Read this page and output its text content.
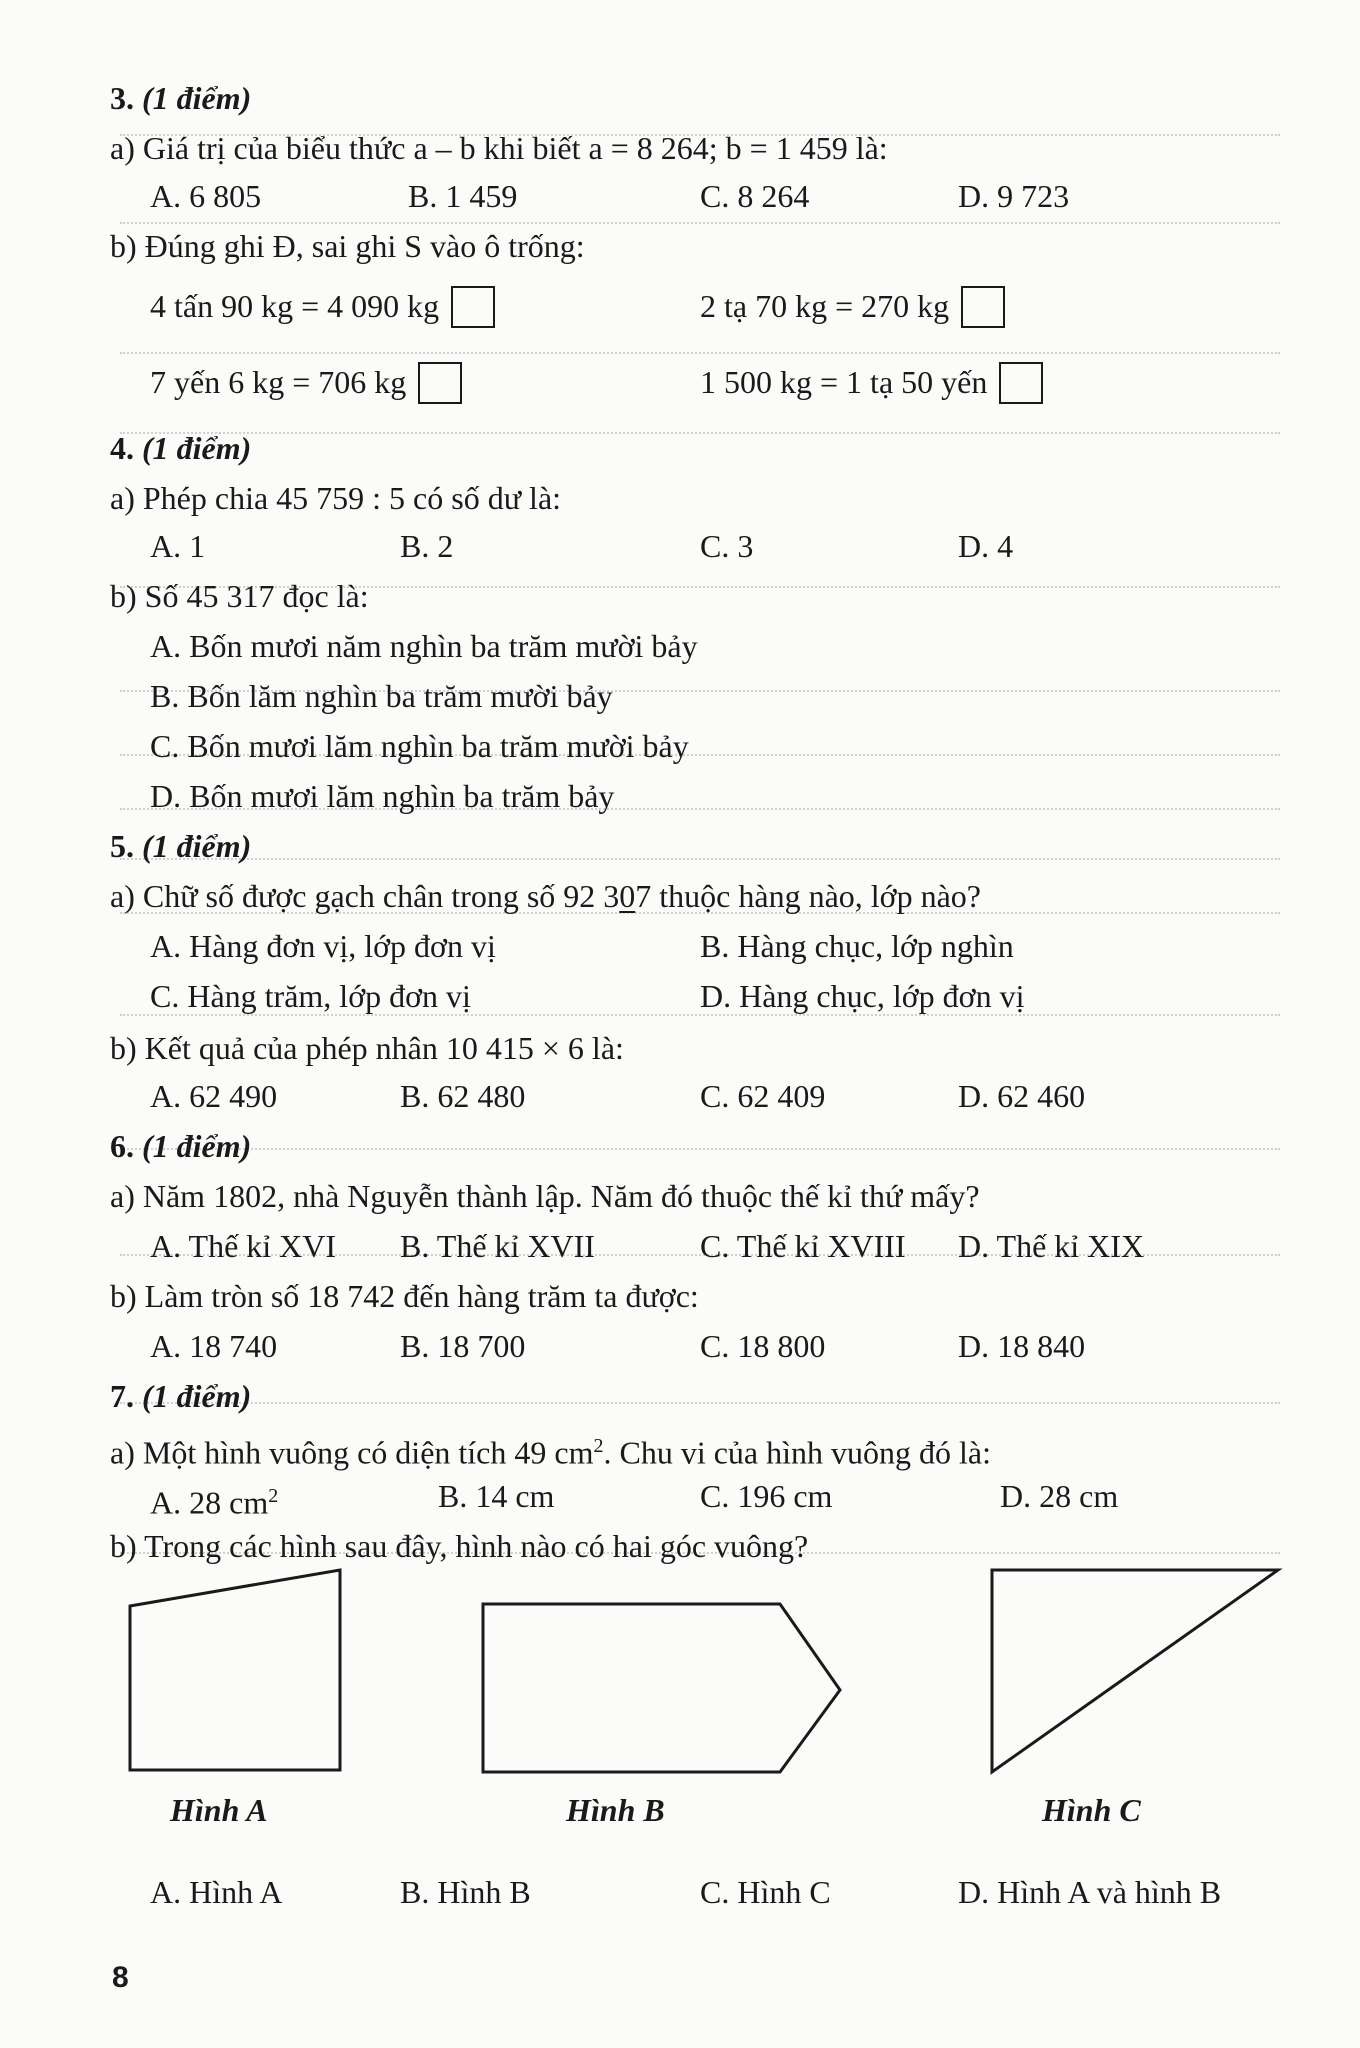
3. (1 điểm)
a) Giá trị của biểu thức a – b khi biết a = 8 264; b = 1 459 là:
A. 6 805	B. 1 459	C. 8 264	D. 9 723
b) Đúng ghi Đ, sai ghi S vào ô trống:
4 tấn 90 kg = 4 090 kg	2 tạ 70 kg = 270 kg
7 yến 6 kg = 706 kg	1 500 kg = 1 tạ 50 yến
4. (1 điểm)
a) Phép chia 45 759 : 5 có số dư là:
A. 1	B. 2	C. 3	D. 4
b) Số 45 317 đọc là:
A. Bốn mươi năm nghìn ba trăm mười bảy
B. Bốn lăm nghìn ba trăm mười bảy
C. Bốn mươi lăm nghìn ba trăm mười bảy
D. Bốn mươi lăm nghìn ba trăm bảy
5. (1 điểm)
a) Chữ số được gạch chân trong số 92 307 thuộc hàng nào, lớp nào?
A. Hàng đơn vị, lớp đơn vị	B. Hàng chục, lớp nghìn
C. Hàng trăm, lớp đơn vị	D. Hàng chục, lớp đơn vị
b) Kết quả của phép nhân 10 415 × 6 là:
A. 62 490	B. 62 480	C. 62 409	D. 62 460
6. (1 điểm)
a) Năm 1802, nhà Nguyễn thành lập. Năm đó thuộc thế kỉ thứ mấy?
A. Thế kỉ XVI B. Thế kỉ XVII	C. Thế kỉ XVIII D. Thế kỉ XIX
b) Làm tròn số 18 742 đến hàng trăm ta được:
A. 18 740	B. 18 700	C. 18 800	D. 18 840
7. (1 điểm)
a) Một hình vuông có diện tích 49 $cm^2$. Chu vi của hình vuông đó là:
A. 28 $cm^2$	B. 14 cm	C. 196 cm	D. 28 cm
b) Trong các hình sau đây, hình nào có hai góc vuông?
Hình A	Hình B	Hình C
A. Hình A	B. Hình B	C. Hình C	D. Hình A và hình B
8
